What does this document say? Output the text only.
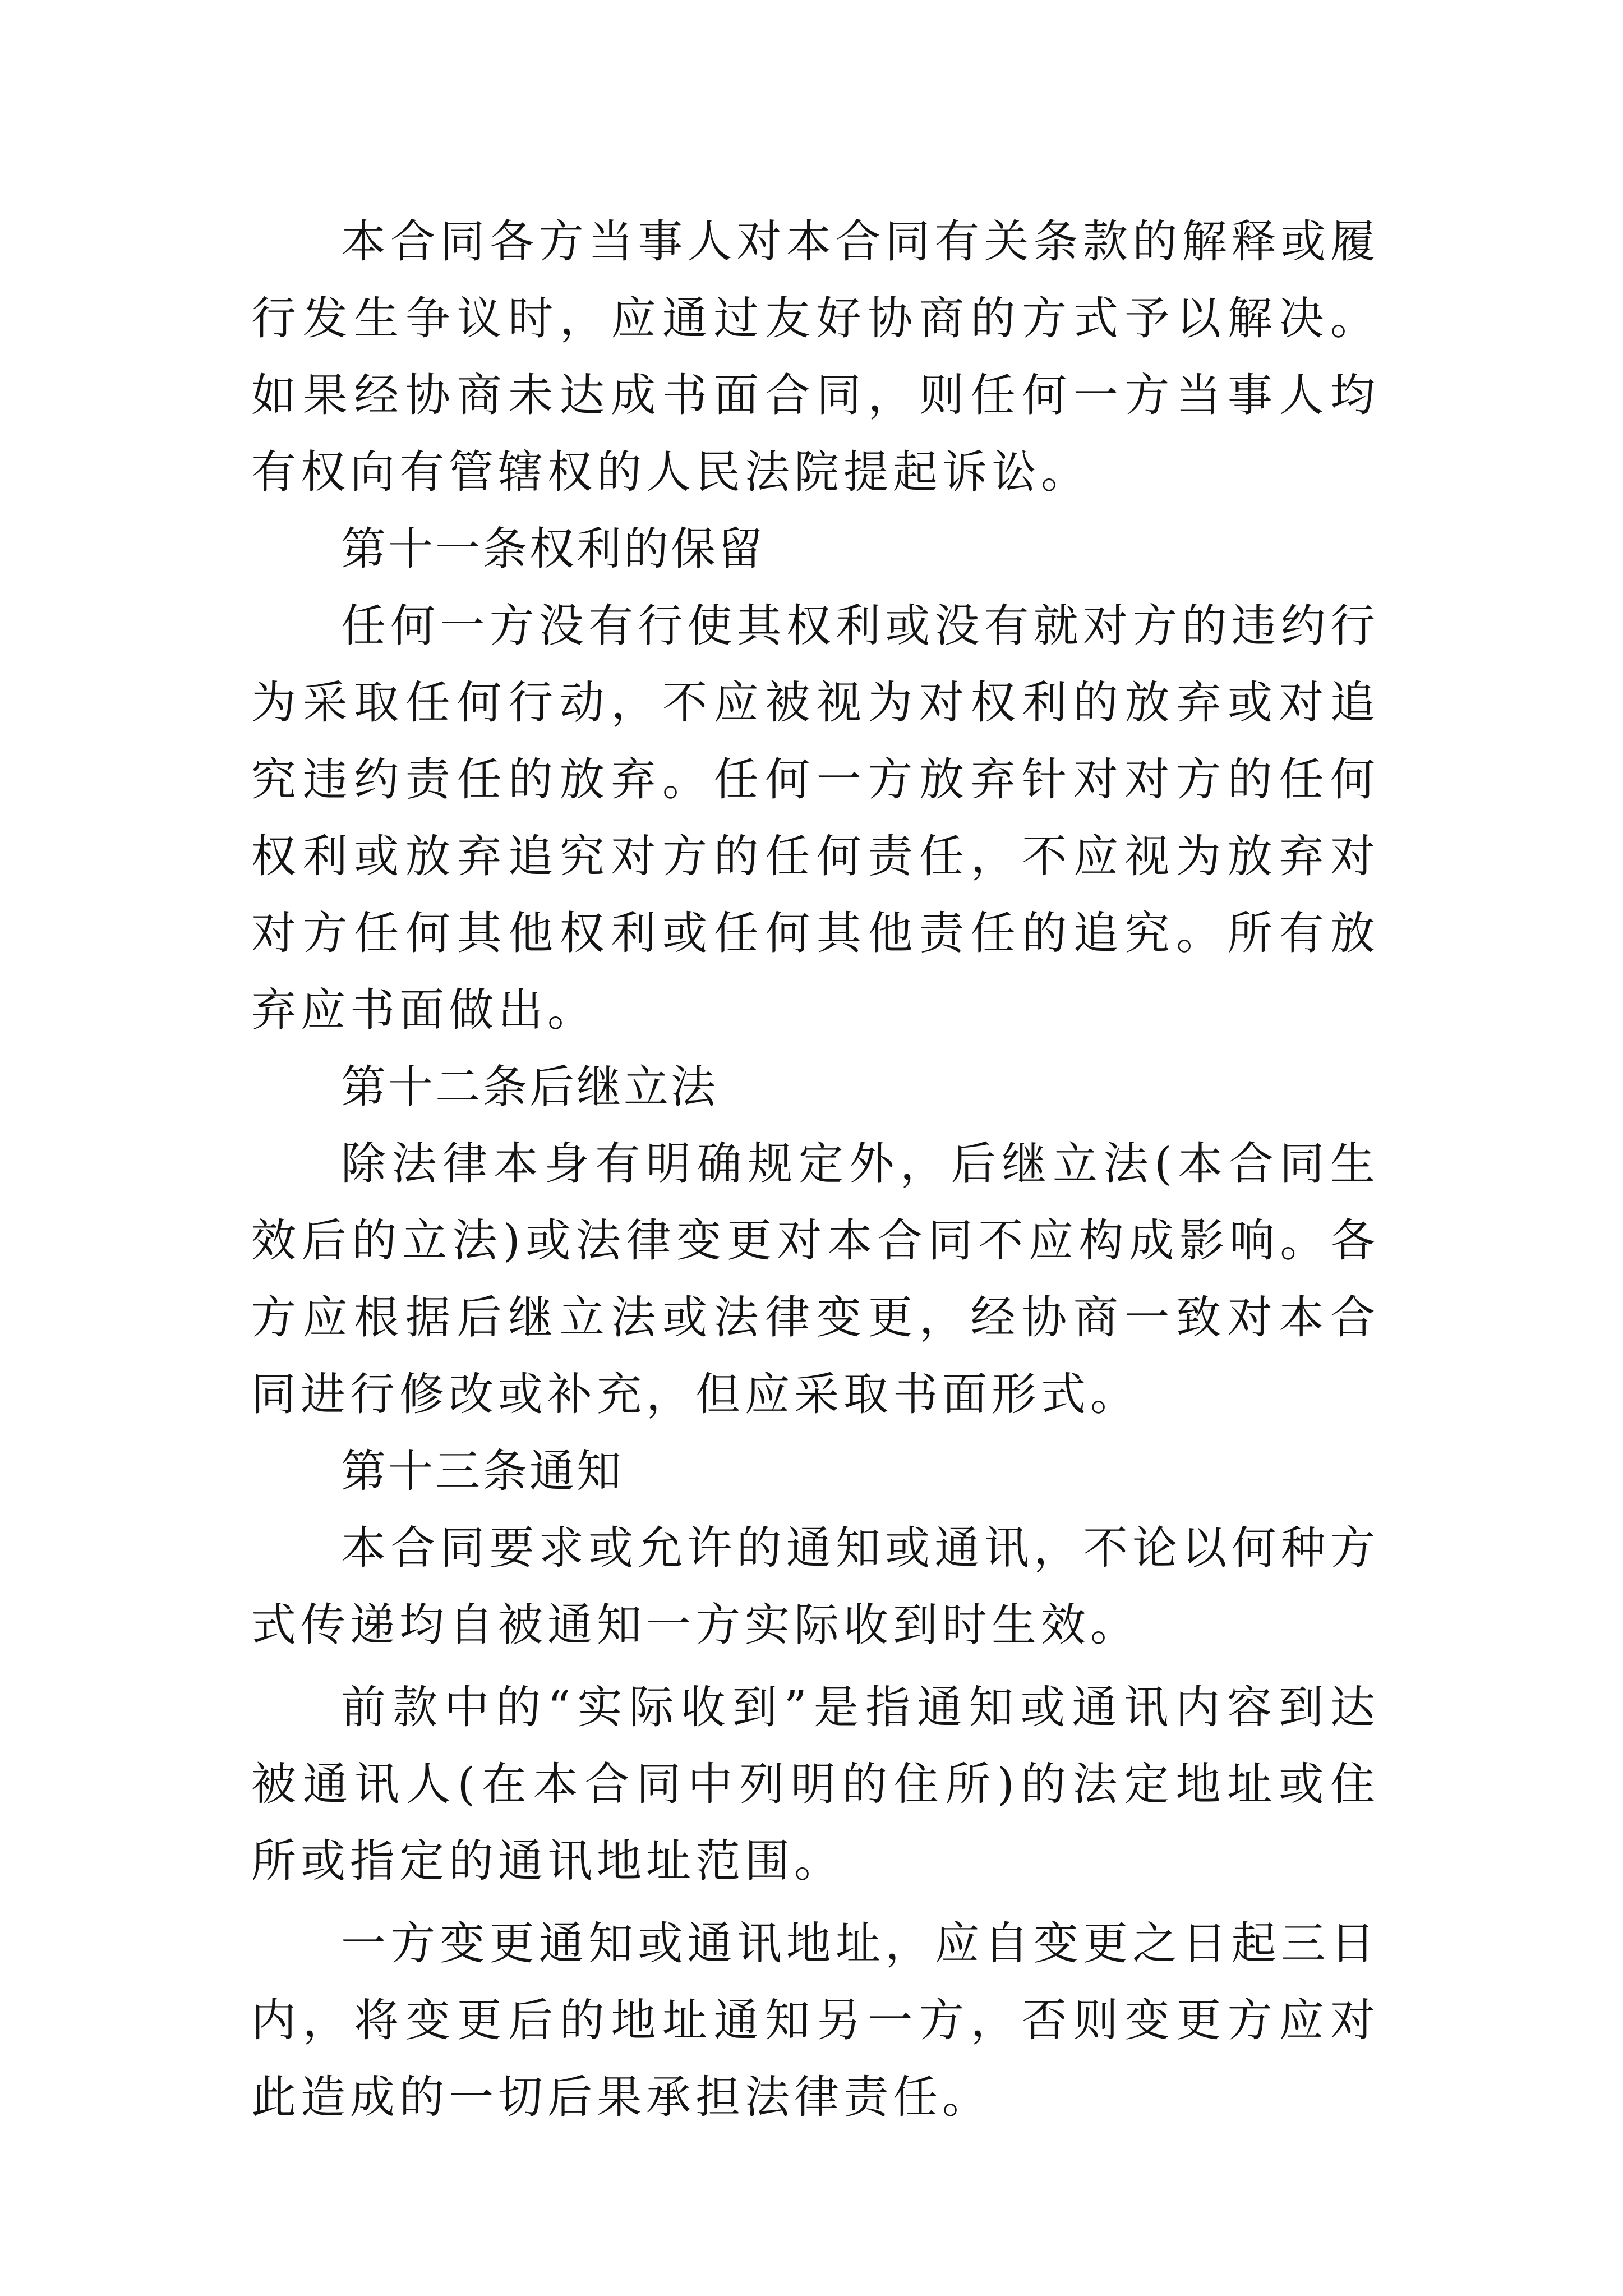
本合同各方当事人对本合同有关条款的解释或履行发生争议时，应通过友好协商的方式予以解决。如果经协商未达成书面合同，则任何一方当事人均有权向有管辖权的人民法院提起诉讼。

第十一条权利的保留

任何一方没有行使其权利或没有就对方的违约行为采取任何行动，不应被视为对权利的放弃或对追究违约责任的放弃。任何一方放弃针对对方的任何权利或放弃追究对方的任何责任，不应视为放弃对对方任何其他权利或任何其他责任的追究。所有放弃应书面做出。

第十二条后继立法

除法律本身有明确规定外，后继立法(本合同生效后的立法)或法律变更对本合同不应构成影响。各方应根据后继立法或法律变更，经协商一致对本合同进行修改或补充，但应采取书面形式。

第十三条通知

本合同要求或允许的通知或通讯，不论以何种方式传递均自被通知一方实际收到时生效。

前款中的“实际收到”是指通知或通讯内容到达被通讯人(在本合同中列明的住所)的法定地址或住所或指定的通讯地址范围。

一方变更通知或通讯地址，应自变更之日起三日内，将变更后的地址通知另一方，否则变更方应对此造成的一切后果承担法律责任。
